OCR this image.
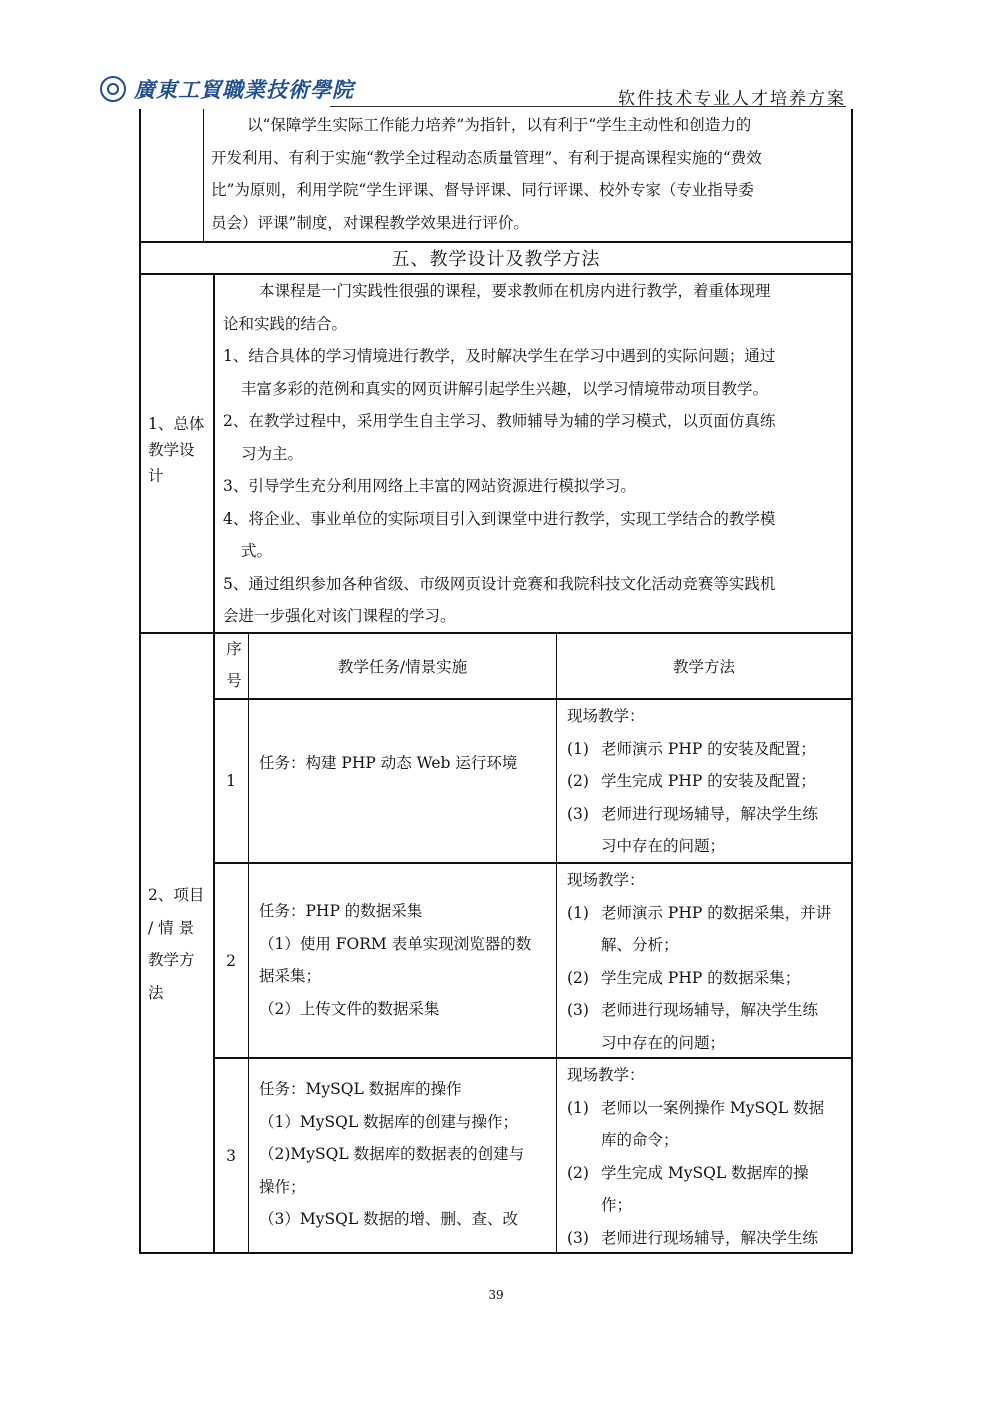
廣東工貿職業技術學院	软件技术专业人才培养方案
以“保障学生实际工作能力培养”为指针，以有利于“学生主动性和创造力的
开发利用、有利于实施“教学全过程动态质量管理”、有利于提高课程实施的“费效
比”为原则，利用学院“学生评课、督导评课、同行评课、校外专家（专业指导委
员会）评课”制度，对课程教学效果进行评价。
五、教学设计及教学方法
1、总体
教学设
计
本课程是一门实践性很强的课程，要求教师在机房内进行教学，着重体现理
论和实践的结合。
1、结合具体的学习情境进行教学，及时解决学生在学习中遇到的实际问题；通过
丰富多彩的范例和真实的网页讲解引起学生兴趣，以学习情境带动项目教学。
2、在教学过程中，采用学生自主学习、教师辅导为辅的学习模式，以页面仿真练
习为主。
3、引导学生充分利用网络上丰富的网站资源进行模拟学习。
4、将企业、事业单位的实际项目引入到课堂中进行教学，实现工学结合的教学模
式。
5、通过组织参加各种省级、市级网页设计竞赛和我院科技文化活动竞赛等实践机
会进一步强化对该门课程的学习。
2、项目
/ 情 景
教学方
法
序
号
教学任务/情景实施	教学方法
1
任务：构建 PHP 动态 Web 运行环境
现场教学：
(1) 老师演示 PHP 的安装及配置；
(2) 学生完成 PHP 的安装及配置；
(3) 老师进行现场辅导，解决学生练
习中存在的问题；
2
任务：PHP 的数据采集
（1）使用 FORM 表单实现浏览器的数
据采集；
（2）上传文件的数据采集
现场教学：
(1) 老师演示 PHP 的数据采集，并讲
解、分析；
(2) 学生完成 PHP 的数据采集；
(3) 老师进行现场辅导，解决学生练
习中存在的问题；
3
任务：MySQL 数据库的操作
（1）MySQL 数据库的创建与操作；
（2)MySQL 数据库的数据表的创建与
操作；
（3）MySQL 数据的增、删、查、改
现场教学：
(1) 老师以一案例操作 MySQL 数据
库的命令；
(2) 学生完成 MySQL 数据库的操
作；
(3) 老师进行现场辅导，解决学生练
39
